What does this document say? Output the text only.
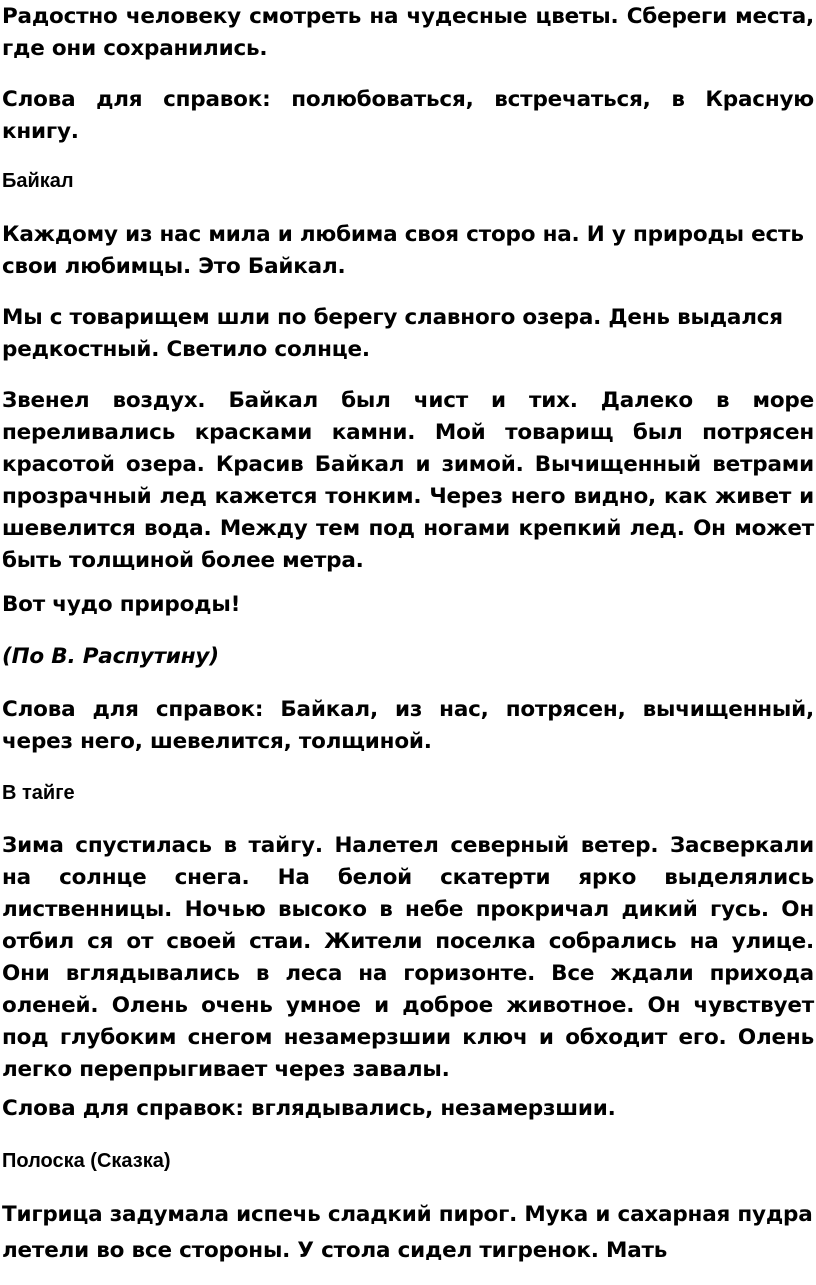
Радостно человеку смотреть на чудесные цветы. Сбереги места, где они сохранились.

Слова для справок: полюбоваться, встречаться, в Красную книгу.

Байкал

Каждому из нас мила и любима своя сторо на. И у природы есть свои любимцы. Это Байкал.

Мы с товарищем шли по берегу славного озера. День выдался редкостный. Светило солнце.

Звенел воздух. Байкал был чист и тих. Далеко в море переливались красками камни. Мой товарищ был потрясен красотой озера. Красив Байкал и зимой. Вычищенный ветрами прозрачный лед кажется тонким. Через него видно, как живет и шевелится вода. Между тем под ногами крепкий лед. Он может быть толщиной более метра.

Вот чудо природы!

(По В. Распутину)

Слова для справок: Байкал, из нас, потрясен, вычищенный, через него, шевелится, толщиной.

В тайге

Зима спустилась в тайгу. Налетел северный ветер. Засверкали на солнце снега. На белой скатерти ярко выделялись лиственницы. Ночью высоко в небе прокричал дикий гусь. Он отбил ся от своей стаи. Жители поселка собрались на улице. Они вглядывались в леса на горизонте. Все ждали прихода оленей. Олень очень умное и доброе животное. Он чувствует под глубоким снегом незамерзшии ключ и обходит его. Олень легко перепрыгивает через завалы.

Слова для справок: вглядывались, незамерзшии.

Полоска (Сказка)

Тигрица задумала испечь сладкий пирог. Мука и сахарная пудра летели во все стороны. У стола сидел тигренок. Мать
